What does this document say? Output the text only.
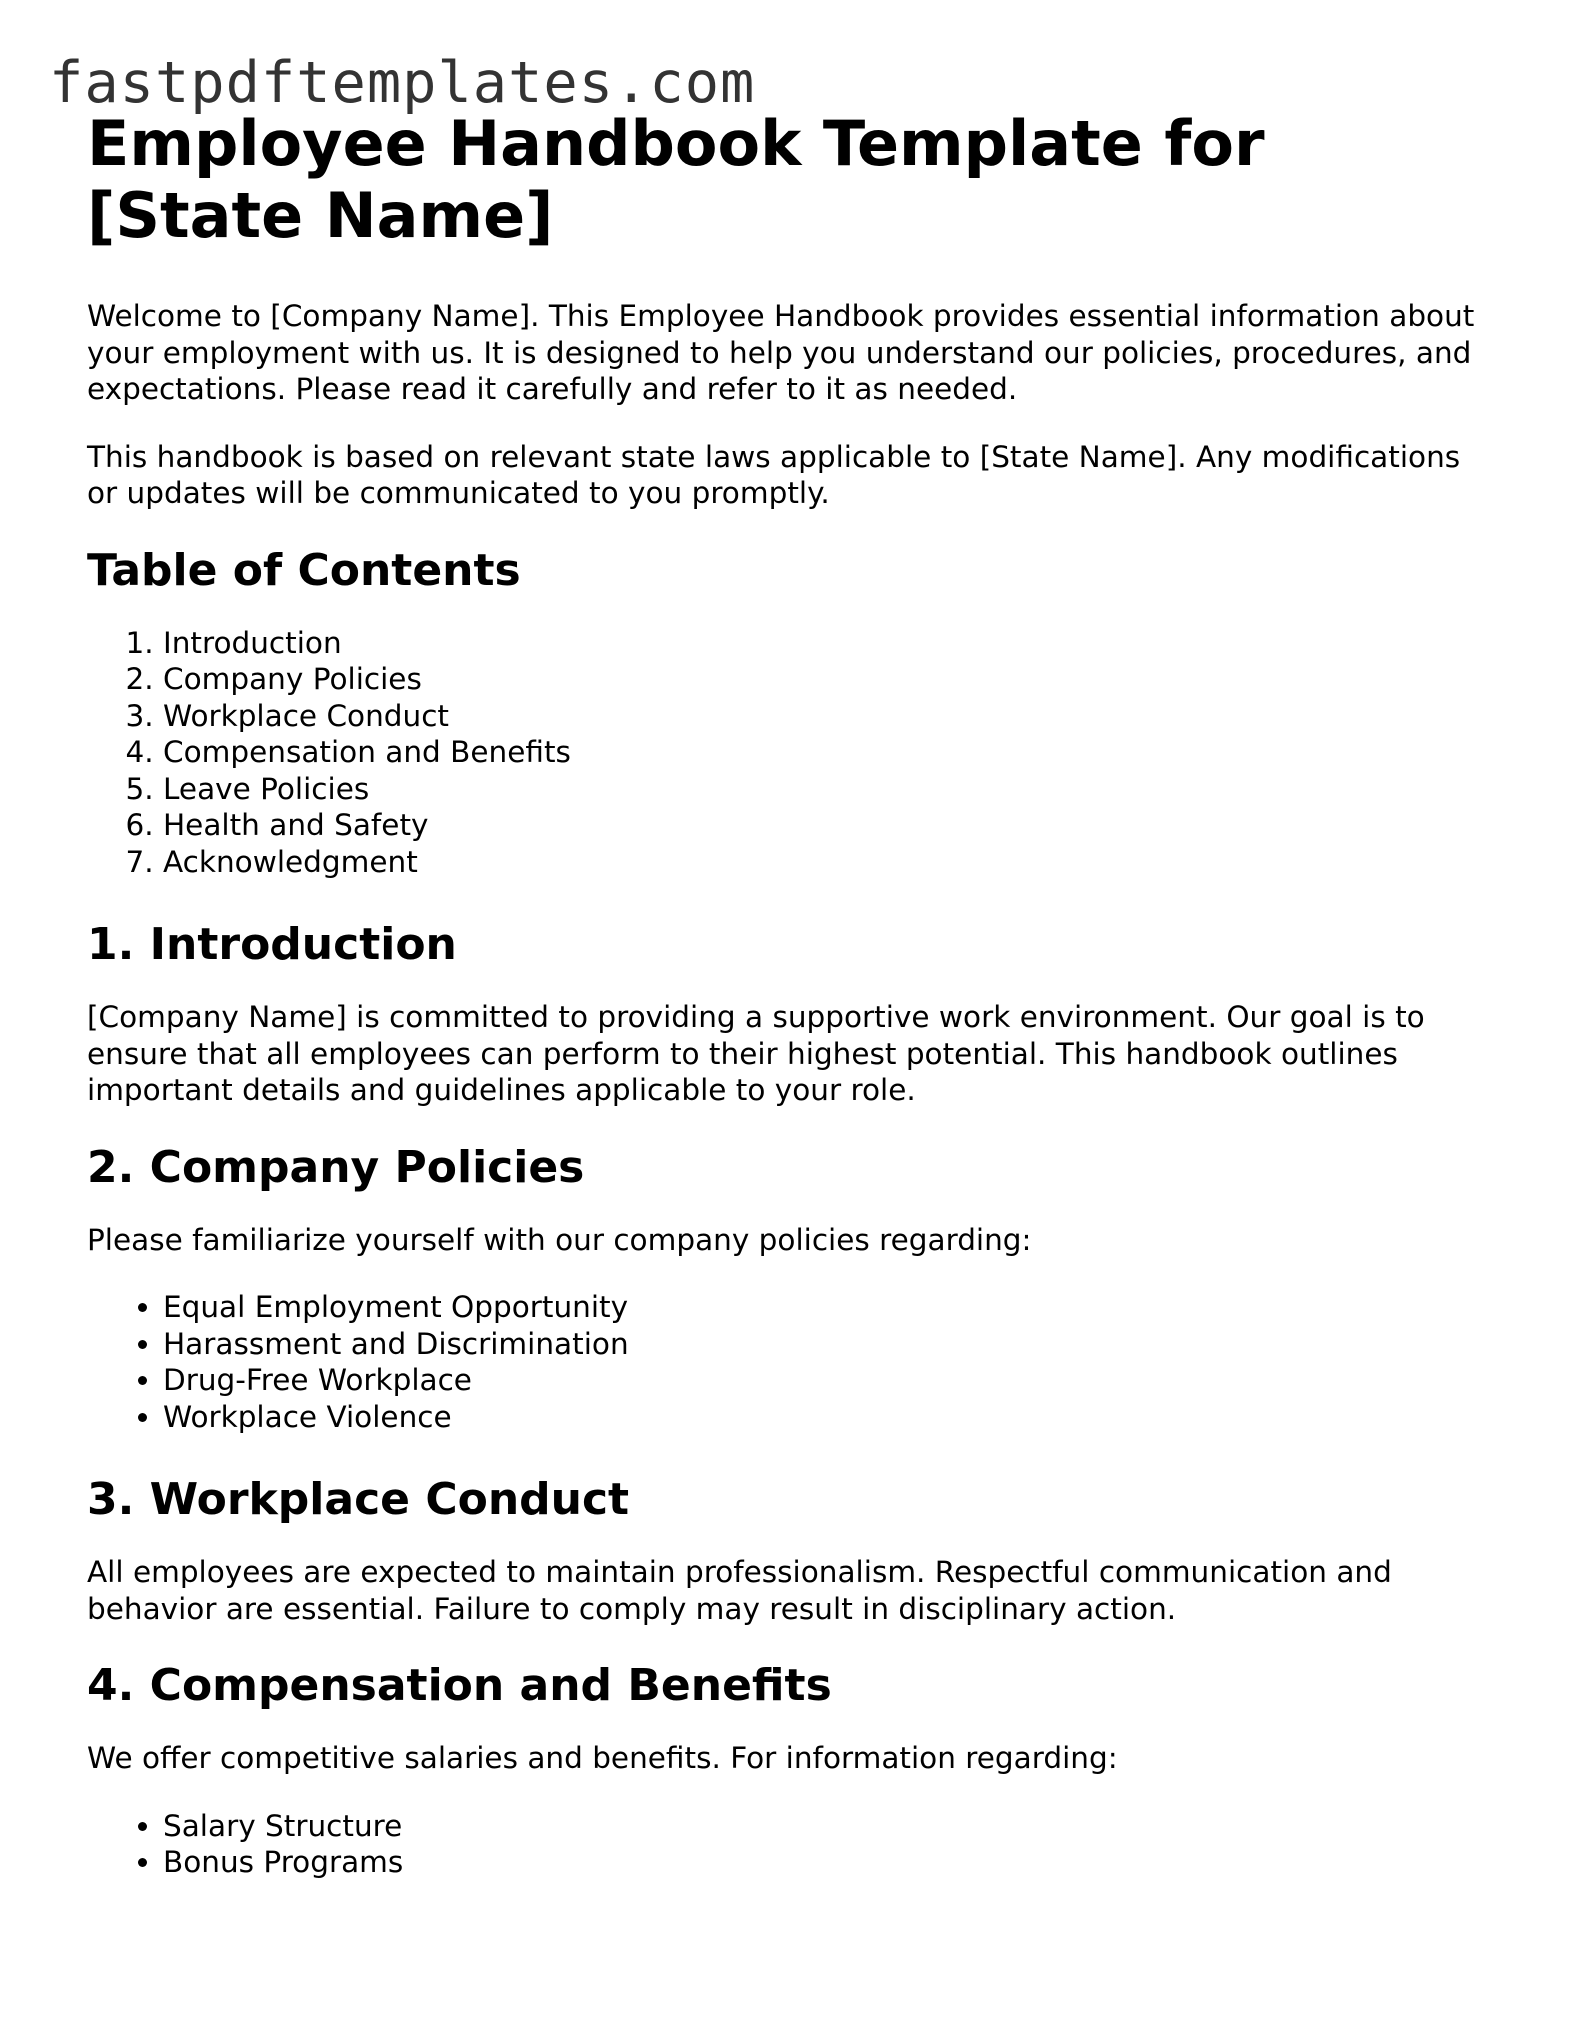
fastpdftemplates.com
Employee Handbook Template for [State Name]

Welcome to [Company Name]. This Employee Handbook provides essential information about your employment with us. It is designed to help you understand our policies, procedures, and expectations. Please read it carefully and refer to it as needed.

This handbook is based on relevant state laws applicable to [State Name]. Any modifications or updates will be communicated to you promptly.

Table of Contents
1. Introduction
2. Company Policies
3. Workplace Conduct
4. Compensation and Benefits
5. Leave Policies
6. Health and Safety
7. Acknowledgment
1. Introduction

[Company Name] is committed to providing a supportive work environment. Our goal is to ensure that all employees can perform to their highest potential. This handbook outlines important details and guidelines applicable to your role.

2. Company Policies

Please familiarize yourself with our company policies regarding:

• Equal Employment Opportunity
• Harassment and Discrimination
• Drug-Free Workplace
• Workplace Violence
3. Workplace Conduct

All employees are expected to maintain professionalism. Respectful communication and behavior are essential. Failure to comply may result in disciplinary action.

4. Compensation and Benefits

We offer competitive salaries and benefits. For information regarding:

• Salary Structure
• Bonus Programs
